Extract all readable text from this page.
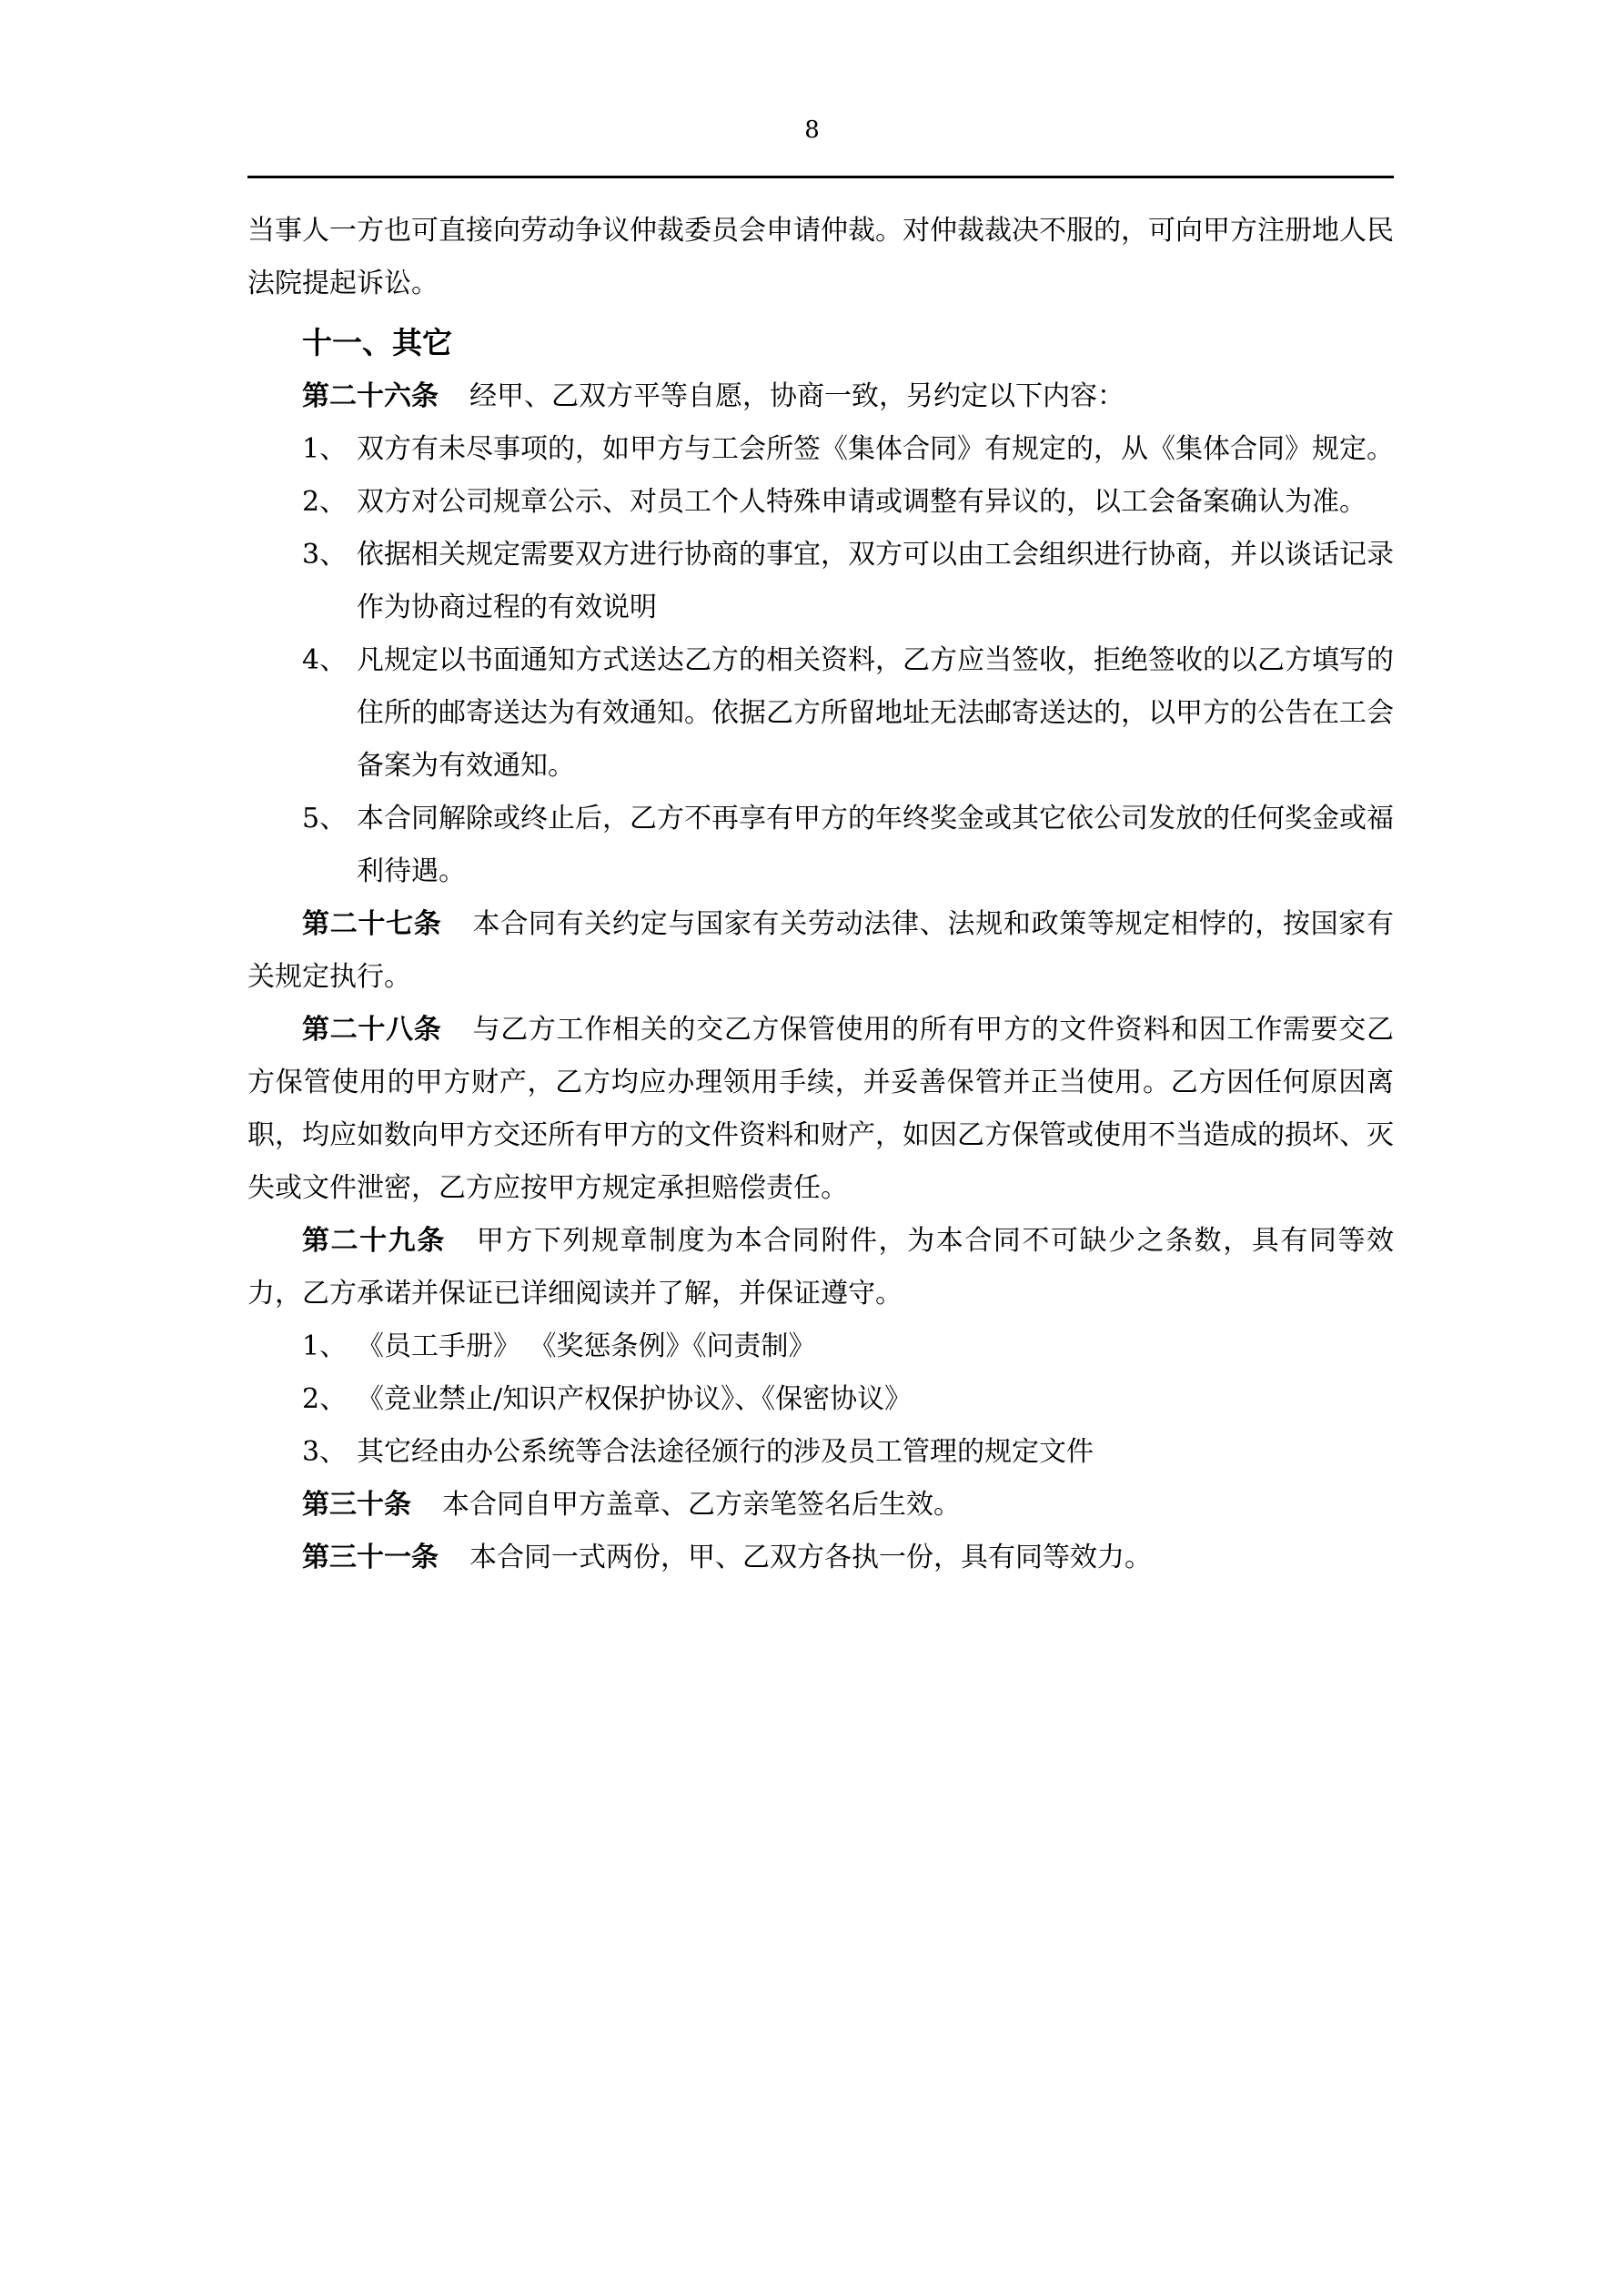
8

当事人一方也可直接向劳动争议仲裁委员会申请仲裁。对仲裁裁决不服的，可向甲方注册地人民法院提起诉讼。

十一、其它

第二十六条 经甲、乙双方平等自愿，协商一致，另约定以下内容：

1、 双方有未尽事项的，如甲方与工会所签《集体合同》有规定的，从《集体合同》规定。
2、 双方对公司规章公示、对员工个人特殊申请或调整有异议的，以工会备案确认为准。
3、 依据相关规定需要双方进行协商的事宜，双方可以由工会组织进行协商，并以谈话记录作为协商过程的有效说明
4、 凡规定以书面通知方式送达乙方的相关资料，乙方应当签收，拒绝签收的以乙方填写的住所的邮寄送达为有效通知。依据乙方所留地址无法邮寄送达的，以甲方的公告在工会备案为有效通知。
5、 本合同解除或终止后，乙方不再享有甲方的年终奖金或其它依公司发放的任何奖金或福利待遇。

第二十七条 本合同有关约定与国家有关劳动法律、法规和政策等规定相悖的，按国家有关规定执行。

第二十八条 与乙方工作相关的交乙方保管使用的所有甲方的文件资料和因工作需要交乙方保管使用的甲方财产，乙方均应办理领用手续，并妥善保管并正当使用。乙方因任何原因离职，均应如数向甲方交还所有甲方的文件资料和财产，如因乙方保管或使用不当造成的损坏、灭失或文件泄密，乙方应按甲方规定承担赔偿责任。

第二十九条 甲方下列规章制度为本合同附件，为本合同不可缺少之条数，具有同等效力，乙方承诺并保证已详细阅读并了解，并保证遵守。

1、 《员工手册》 《奖惩条例》《问责制》
2、 《竞业禁止/知识产权保护协议》、《保密协议》
3、 其它经由办公系统等合法途径颁行的涉及员工管理的规定文件

第三十条 本合同自甲方盖章、乙方亲笔签名后生效。

第三十一条 本合同一式两份，甲、乙双方各执一份，具有同等效力。
